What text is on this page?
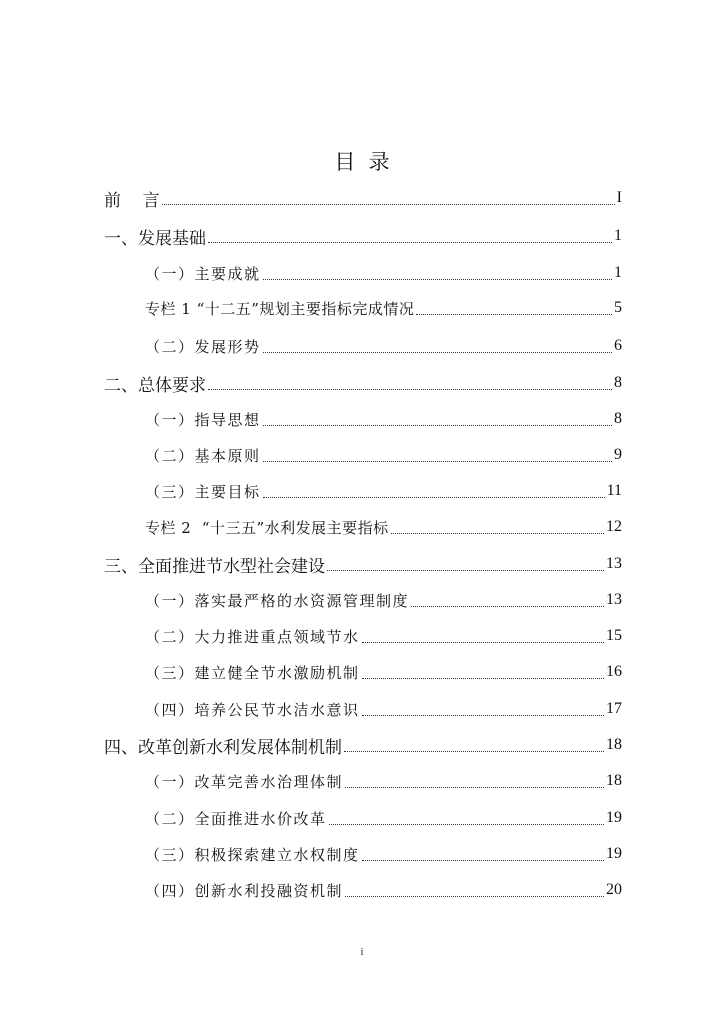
目  录
前    言	I
一、发展基础	1
（一）主要成就	1
专栏 1 “十二五”规划主要指标完成情况	5
（二）发展形势	6
二、总体要求	8
（一）指导思想	8
（二）基本原则	9
（三）主要目标	11
专栏 2  “十三五”水利发展主要指标	12
三、全面推进节水型社会建设	13
（一）落实最严格的水资源管理制度	13
（二）大力推进重点领域节水	15
（三）建立健全节水激励机制	16
（四）培养公民节水洁水意识	17
四、改革创新水利发展体制机制	18
（一）改革完善水治理体制	18
（二）全面推进水价改革	19
（三）积极探索建立水权制度	19
（四）创新水利投融资机制	20
i
